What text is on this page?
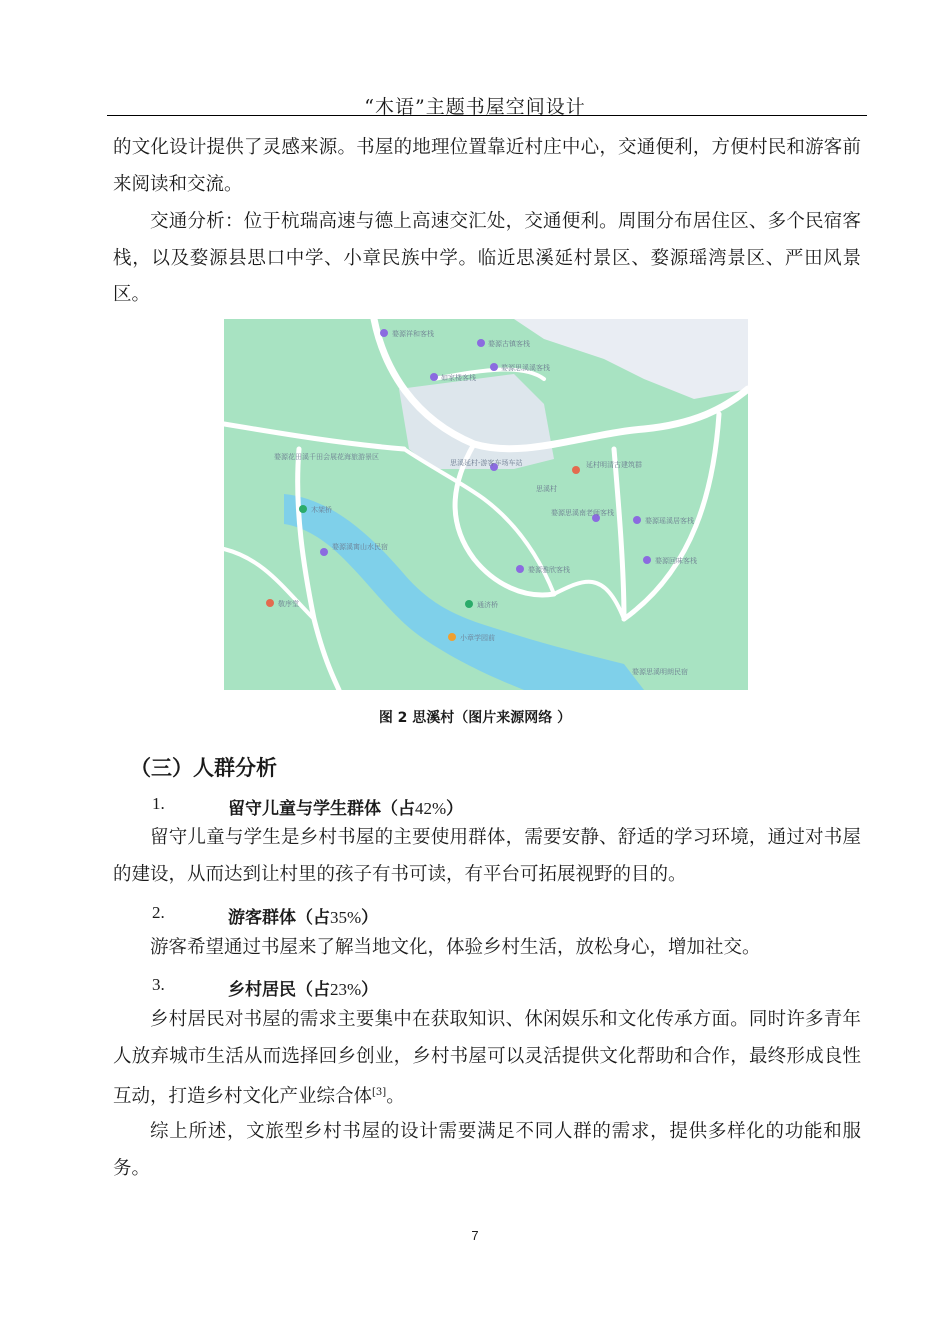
“木语”主题书屋空间设计

的文化设计提供了灵感来源。书屋的地理位置靠近村庄中心，交通便利，方便村民和游客前来阅读和交流。

交通分析：位于杭瑞高速与德上高速交汇处，交通便利。周围分布居住区、多个民宿客栈，以及婺源县思口中学、小章民族中学。临近思溪延村景区、婺源瑶湾景区、严田风景区。

婺源祥和客栈
婺源古镇客栈
婺源思溪溪客栈
如家楼客栈
婺源花田溪千田会展花海旅游景区
思溪延村-游客车场车站	延村明清古建筑群
思溪村
木架桥	婺源思溪南老师客栈
婺源瑶溪居客栈
婺源溪寓山水民宿
婺源雅欣客栈
婺源回味客栈
敬序堂	通济桥
小章学园前
婺源思溪明朗民宿
图 2 思溪村（图片来源网络 ）
（三）人群分析
1.	留守儿童与学生群体（占42%）

留守儿童与学生是乡村书屋的主要使用群体，需要安静、舒适的学习环境，通过对书屋的建设，从而达到让村里的孩子有书可读，有平台可拓展视野的目的。

2.	游客群体（占35%）

游客希望通过书屋来了解当地文化，体验乡村生活，放松身心，增加社交。

3.	乡村居民（占23%）

乡村居民对书屋的需求主要集中在获取知识、休闲娱乐和文化传承方面。同时许多青年人放弃城市生活从而选择回乡创业，乡村书屋可以灵活提供文化帮助和合作，最终形成良性互动，打造乡村文化产业综合体[3]。

综上所述，文旅型乡村书屋的设计需要满足不同人群的需求，提供多样化的功能和服务。

7
